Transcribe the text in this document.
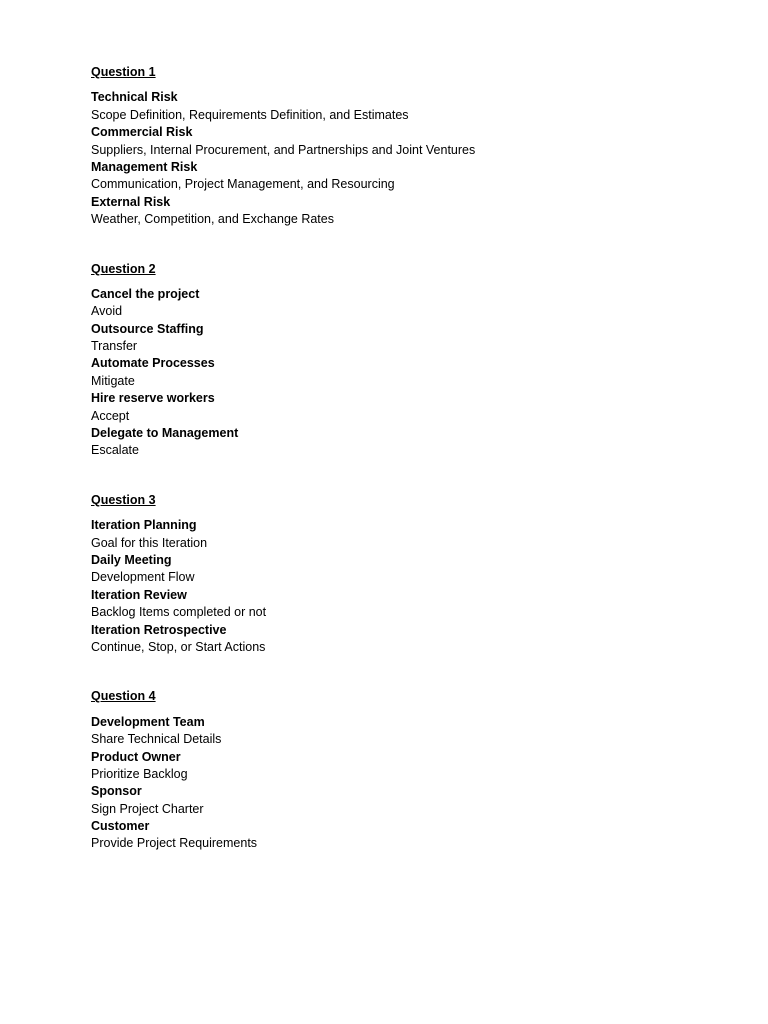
Question 1
Technical Risk
Scope Definition, Requirements Definition, and Estimates
Commercial Risk
Suppliers, Internal Procurement, and Partnerships and Joint Ventures
Management Risk
Communication, Project Management, and Resourcing
External Risk
Weather, Competition, and Exchange Rates
Question 2
Cancel the project
Avoid
Outsource Staffing
Transfer
Automate Processes
Mitigate
Hire reserve workers
Accept
Delegate to Management
Escalate
Question 3
Iteration Planning
Goal for this Iteration
Daily Meeting
Development Flow
Iteration Review
Backlog Items completed or not
Iteration Retrospective
Continue, Stop, or Start Actions
Question 4
Development Team
Share Technical Details
Product Owner
Prioritize Backlog
Sponsor
Sign Project Charter
Customer
Provide Project Requirements
